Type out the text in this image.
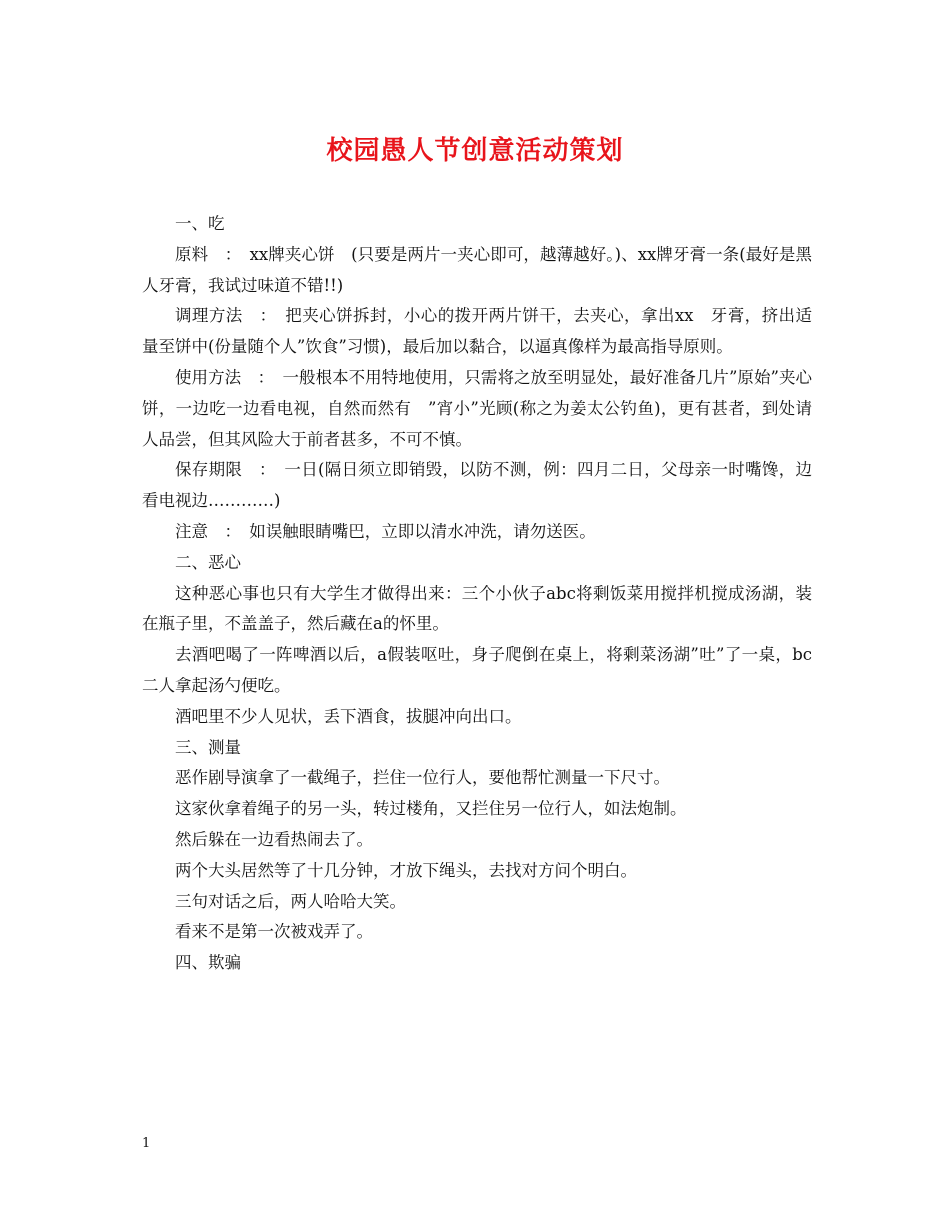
校园愚人节创意活动策划

一、吃

原料　：　xx牌夹心饼　(只要是两片一夹心即可，越薄越好。)、xx牌牙膏一条(最好是黑人牙膏，我试过味道不错!!)

调理方法　：　把夹心饼拆封，小心的拨开两片饼干，去夹心，拿出xx　牙膏，挤出适量至饼中(份量随个人”饮食”习惯)，最后加以黏合，以逼真像样为最高指导原则。

使用方法　：　一般根本不用特地使用，只需将之放至明显处，最好准备几片”原始”夹心饼，一边吃一边看电视，自然而然有　”宵小”光顾(称之为姜太公钓鱼)，更有甚者，到处请人品尝，但其风险大于前者甚多，不可不慎。

保存期限　：　一日(隔日须立即销毁，以防不测，例：四月二日，父母亲一时嘴馋，边看电视边…………)

注意　：　如误触眼睛嘴巴，立即以清水冲洗，请勿送医。

二、恶心

这种恶心事也只有大学生才做得出来：三个小伙子abc将剩饭菜用搅拌机搅成汤湖，装在瓶子里，不盖盖子，然后藏在a的怀里。

去酒吧喝了一阵啤酒以后，a假装呕吐，身子爬倒在桌上，将剩菜汤湖”吐”了一桌，bc二人拿起汤勺便吃。

酒吧里不少人见状，丢下酒食，拔腿冲向出口。

三、测量

恶作剧导演拿了一截绳子，拦住一位行人，要他帮忙测量一下尺寸。

这家伙拿着绳子的另一头，转过楼角，又拦住另一位行人，如法炮制。

然后躲在一边看热闹去了。

两个大头居然等了十几分钟，才放下绳头，去找对方问个明白。

三句对话之后，两人哈哈大笑。

看来不是第一次被戏弄了。

四、欺骗

1
